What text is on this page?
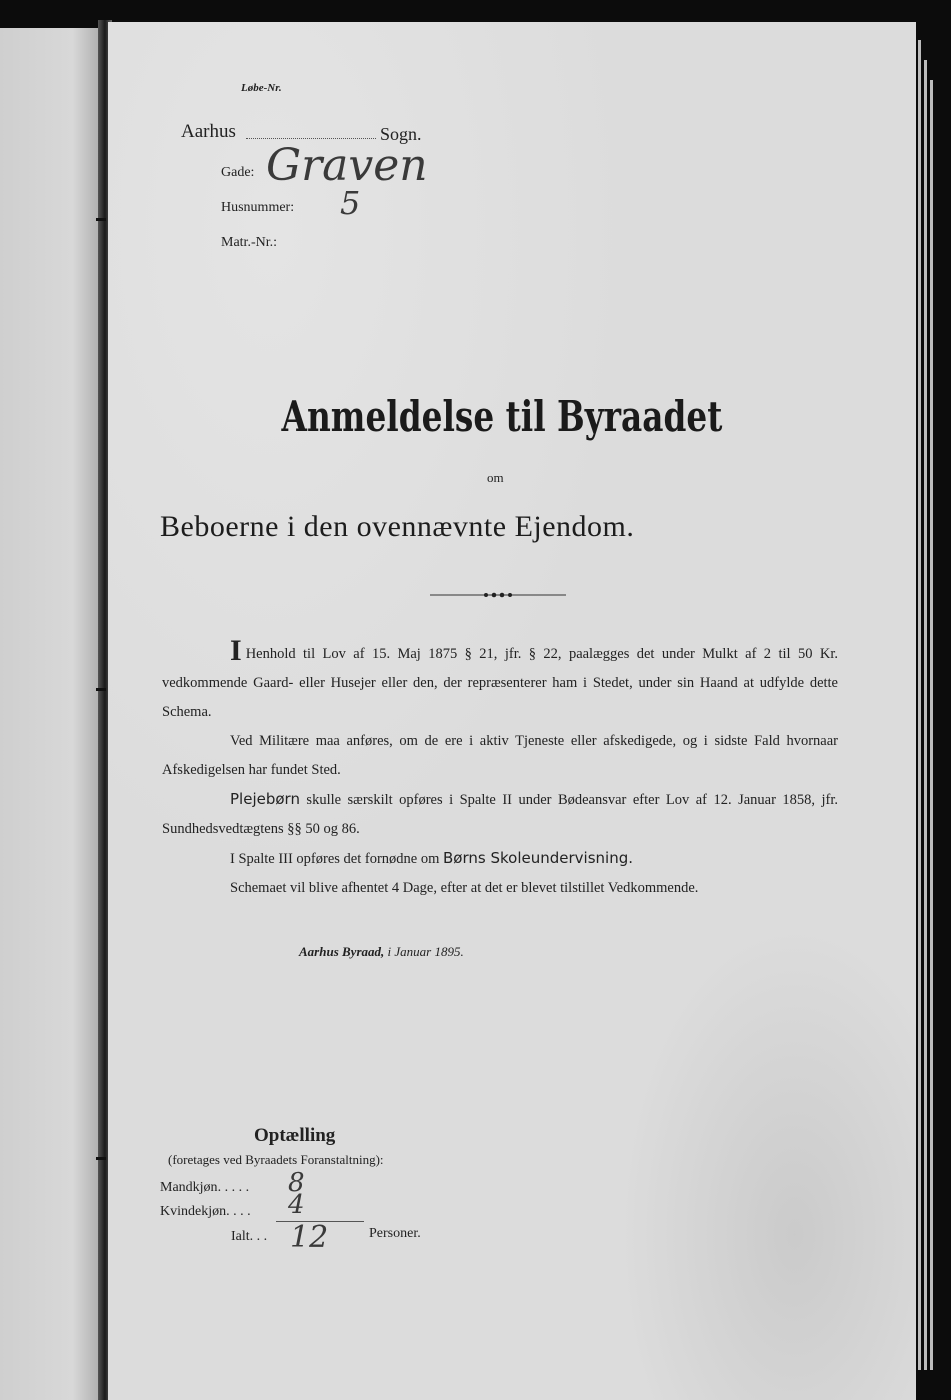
Løbe-Nr.
Aarhus	Sogn.
Gade: Graven
Husnummer: 5
Matr.-Nr.:
Anmeldelse til Byraadet
om
Beboerne i den ovennævnte Ejendom.

I Henhold til Lov af 15. Maj 1875 § 21, jfr. § 22, paalægges det under Mulkt af 2 til 50 Kr. vedkommende Gaard- eller Husejer eller den, der repræsenterer ham i Stedet, under sin Haand at udfylde dette Schema.

Ved Militære maa anføres, om de ere i aktiv Tjeneste eller afskedigede, og i sidste Fald hvornaar Afskedigelsen har fundet Sted.

Plejebørn skulle særskilt opføres i Spalte II under Bødeansvar efter Lov af 12. Januar 1858, jfr. Sundhedsvedtægtens §§ 50 og 86.

I Spalte III opføres det fornødne om Børns Skoleundervisning.

Schemaet vil blive afhentet 4 Dage, efter at det er blevet tilstillet Vedkommende.

Aarhus Byraad, i Januar 1895.
Optælling
(foretages ved Byraadets Foranstaltning):
Mandkjøn. . . . . 8
Kvindekjøn. . . . 4
Ialt. . . 12	Personer.
